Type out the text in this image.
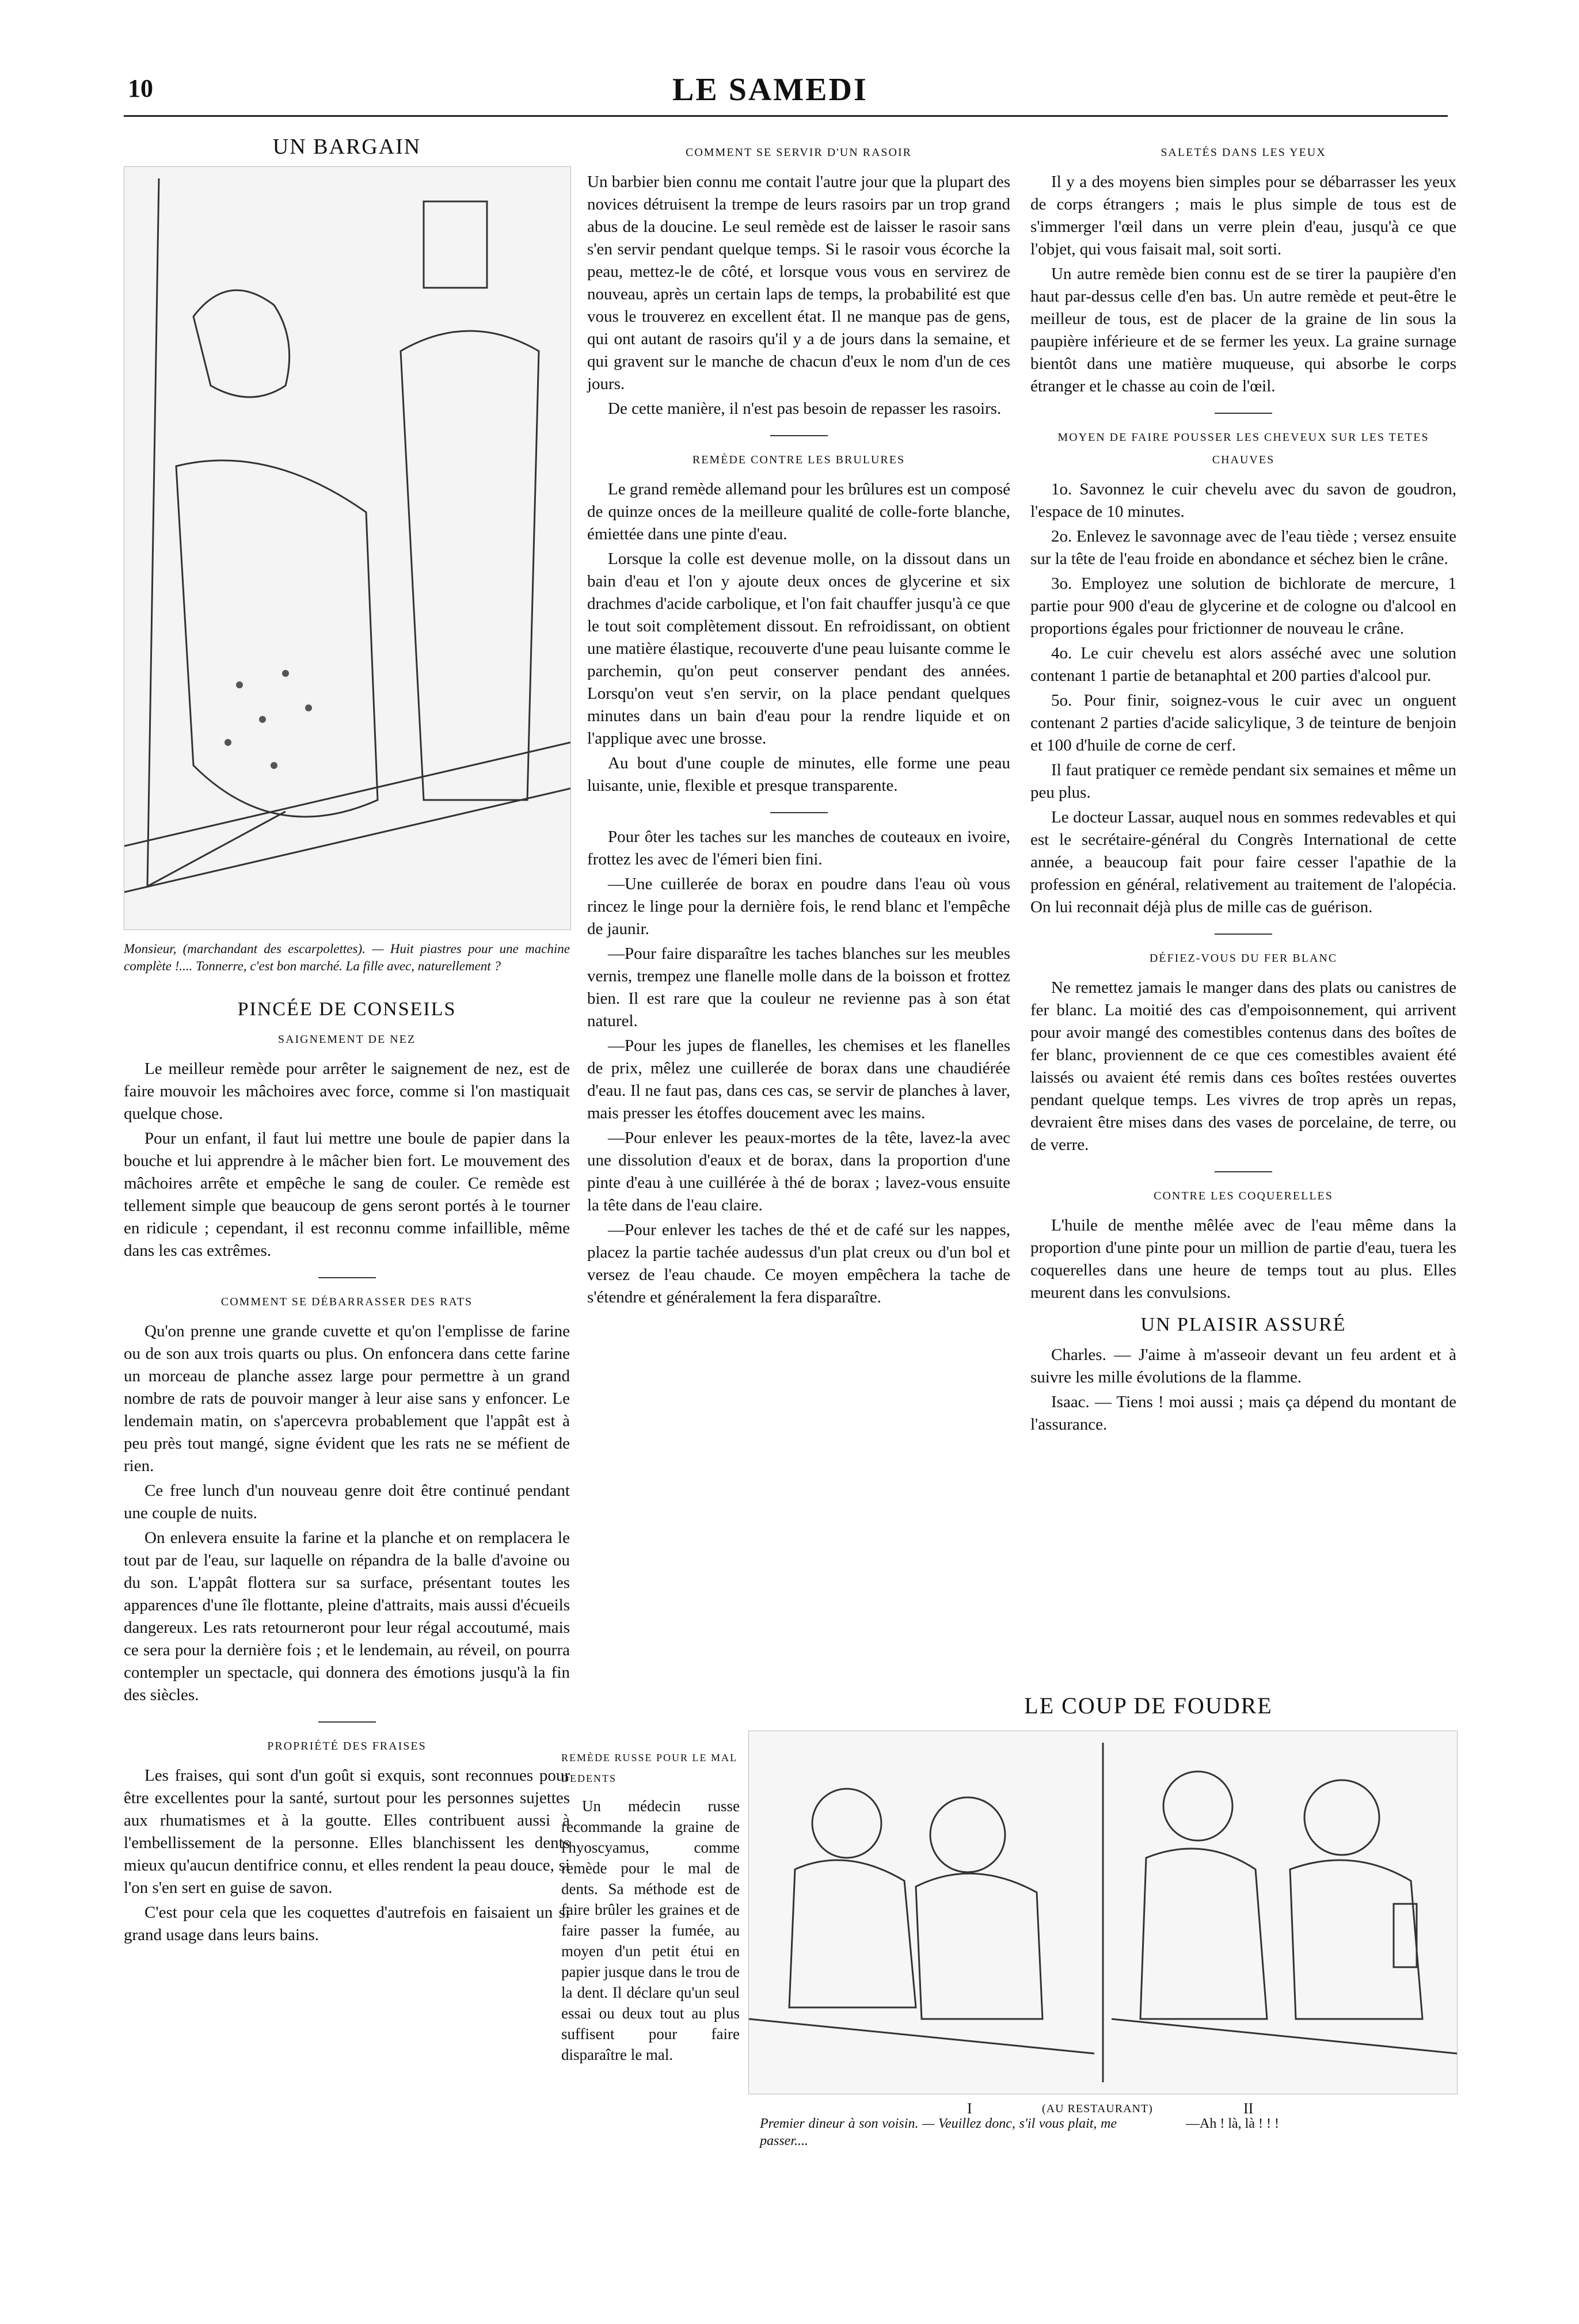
10	LE SAMEDI
UN BARGAIN
Monsieur, (marchandant des escarpolettes). — Huit piastres pour une machine complète !.... Tonnerre, c'est bon marché. La fille avec, naturellement ?
PINCÉE DE CONSEILS
SAIGNEMENT DE NEZ

Le meilleur remède pour arrêter le saignement de nez, est de faire mouvoir les mâchoires avec force, comme si l'on mastiquait quelque chose.

Pour un enfant, il faut lui mettre une boule de papier dans la bouche et lui apprendre à le mâcher bien fort. Le mouvement des mâchoires arrête et empêche le sang de couler. Ce remède est tellement simple que beaucoup de gens seront portés à le tourner en ridicule ; cependant, il est reconnu comme infaillible, même dans les cas extrêmes.

COMMENT SE DÉBARRASSER DES RATS

Qu'on prenne une grande cuvette et qu'on l'emplisse de farine ou de son aux trois quarts ou plus. On enfoncera dans cette farine un morceau de planche assez large pour permettre à un grand nombre de rats de pouvoir manger à leur aise sans y enfoncer. Le lendemain matin, on s'apercevra probablement que l'appât est à peu près tout mangé, signe évident que les rats ne se méfient de rien.

Ce free lunch d'un nouveau genre doit être continué pendant une couple de nuits.

On enlevera ensuite la farine et la planche et on remplacera le tout par de l'eau, sur laquelle on répandra de la balle d'avoine ou du son. L'appât flottera sur sa surface, présentant toutes les apparences d'une île flottante, pleine d'attraits, mais aussi d'écueils dangereux. Les rats retourneront pour leur régal accoutumé, mais ce sera pour la dernière fois ; et le lendemain, au réveil, on pourra contempler un spectacle, qui donnera des émotions jusqu'à la fin des siècles.

PROPRIÉTÉ DES FRAISES

Les fraises, qui sont d'un goût si exquis, sont reconnues pour être excellentes pour la santé, surtout pour les personnes sujettes aux rhumatismes et à la goutte. Elles contribuent aussi à l'embellissement de la personne. Elles blanchissent les dents mieux qu'aucun dentifrice connu, et elles rendent la peau douce, si l'on s'en sert en guise de savon.

C'est pour cela que les coquettes d'autrefois en faisaient un si grand usage dans leurs bains.

COMMENT SE SERVIR D'UN RASOIR

Un barbier bien connu me contait l'autre jour que la plupart des novices détruisent la trempe de leurs rasoirs par un trop grand abus de la doucine. Le seul remède est de laisser le rasoir sans s'en servir pendant quelque temps. Si le rasoir vous écorche la peau, mettez-le de côté, et lorsque vous vous en servirez de nouveau, après un certain laps de temps, la probabilité est que vous le trouverez en excellent état. Il ne manque pas de gens, qui ont autant de rasoirs qu'il y a de jours dans la semaine, et qui gravent sur le manche de chacun d'eux le nom d'un de ces jours.

De cette manière, il n'est pas besoin de repasser les rasoirs.

REMÈDE CONTRE LES BRULURES

Le grand remède allemand pour les brûlures est un composé de quinze onces de la meilleure qualité de colle-forte blanche, émiettée dans une pinte d'eau.

Lorsque la colle est devenue molle, on la dissout dans un bain d'eau et l'on y ajoute deux onces de glycerine et six drachmes d'acide carbolique, et l'on fait chauffer jusqu'à ce que le tout soit complètement dissout. En refroidissant, on obtient une matière élastique, recouverte d'une peau luisante comme le parchemin, qu'on peut conserver pendant des années. Lorsqu'on veut s'en servir, on la place pendant quelques minutes dans un bain d'eau pour la rendre liquide et on l'applique avec une brosse.

Au bout d'une couple de minutes, elle forme une peau luisante, unie, flexible et presque transparente.

Pour ôter les taches sur les manches de couteaux en ivoire, frottez les avec de l'émeri bien fini.

—Une cuillerée de borax en poudre dans l'eau où vous rincez le linge pour la dernière fois, le rend blanc et l'empêche de jaunir.

—Pour faire disparaître les taches blanches sur les meubles vernis, trempez une flanelle molle dans de la boisson et frottez bien. Il est rare que la couleur ne revienne pas à son état naturel.

—Pour les jupes de flanelles, les chemises et les flanelles de prix, mêlez une cuillerée de borax dans une chaudiérée d'eau. Il ne faut pas, dans ces cas, se servir de planches à laver, mais presser les étoffes doucement avec les mains.

—Pour enlever les peaux-mortes de la tête, lavez-la avec une dissolution d'eaux et de borax, dans la proportion d'une pinte d'eau à une cuillérée à thé de borax ; lavez-vous ensuite la tête dans de l'eau claire.

—Pour enlever les taches de thé et de café sur les nappes, placez la partie tachée audessus d'un plat creux ou d'un bol et versez de l'eau chaude. Ce moyen empêchera la tache de s'étendre et généralement la fera disparaître.

REMÈDE RUSSE POUR LE MAL DEDENTS

Un médecin russe recommande la graine de l'hyoscyamus, comme remède pour le mal de dents. Sa méthode est de faire brûler les graines et de faire passer la fumée, au moyen d'un petit étui en papier jusque dans le trou de la dent. Il déclare qu'un seul essai ou deux tout au plus suffisent pour faire disparaître le mal.

SALETÉS DANS LES YEUX

Il y a des moyens bien simples pour se débarrasser les yeux de corps étrangers ; mais le plus simple de tous est de s'immerger l'œil dans un verre plein d'eau, jusqu'à ce que l'objet, qui vous faisait mal, soit sorti.

Un autre remède bien connu est de se tirer la paupière d'en haut par-dessus celle d'en bas. Un autre remède et peut-être le meilleur de tous, est de placer de la graine de lin sous la paupière inférieure et de se fermer les yeux. La graine surnage bientôt dans une matière muqueuse, qui absorbe le corps étranger et le chasse au coin de l'œil.

MOYEN DE FAIRE POUSSER LES CHEVEUX SUR LES TETES CHAUVES

1o. Savonnez le cuir chevelu avec du savon de goudron, l'espace de 10 minutes.

2o. Enlevez le savonnage avec de l'eau tiède ; versez ensuite sur la tête de l'eau froide en abondance et séchez bien le crâne.

3o. Employez une solution de bichlorate de mercure, 1 partie pour 900 d'eau de glycerine et de cologne ou d'alcool en proportions égales pour frictionner de nouveau le crâne.

4o. Le cuir chevelu est alors asséché avec une solution contenant 1 partie de betanaphtal et 200 parties d'alcool pur.

5o. Pour finir, soignez-vous le cuir avec un onguent contenant 2 parties d'acide salicylique, 3 de teinture de benjoin et 100 d'huile de corne de cerf.

Il faut pratiquer ce remède pendant six semaines et même un peu plus.

Le docteur Lassar, auquel nous en sommes redevables et qui est le secrétaire-général du Congrès International de cette année, a beaucoup fait pour faire cesser l'apathie de la profession en général, relativement au traitement de l'alopécia. On lui reconnait déjà plus de mille cas de guérison.

DÉFIEZ-VOUS DU FER BLANC

Ne remettez jamais le manger dans des plats ou canistres de fer blanc. La moitié des cas d'empoisonnement, qui arrivent pour avoir mangé des comestibles contenus dans des boîtes de fer blanc, proviennent de ce que ces comestibles avaient été laissés ou avaient été remis dans ces boîtes restées ouvertes pendant quelque temps. Les vivres de trop après un repas, devraient être mises dans des vases de porcelaine, de terre, ou de verre.

CONTRE LES COQUERELLES

L'huile de menthe mêlée avec de l'eau même dans la proportion d'une pinte pour un million de partie d'eau, tuera les coquerelles dans une heure de temps tout au plus. Elles meurent dans les convulsions.

UN PLAISIR ASSURÉ

Charles. — J'aime à m'asseoir devant un feu ardent et à suivre les mille évolutions de la flamme.

Isaac. — Tiens ! moi aussi ; mais ça dépend du montant de l'assurance.

LE COUP DE FOUDRE
I	(AU RESTAURANT)	II
Premier dineur à son voisin. — Veuillez donc, s'il vous plait, me passer....
—Ah ! là, là ! ! !
